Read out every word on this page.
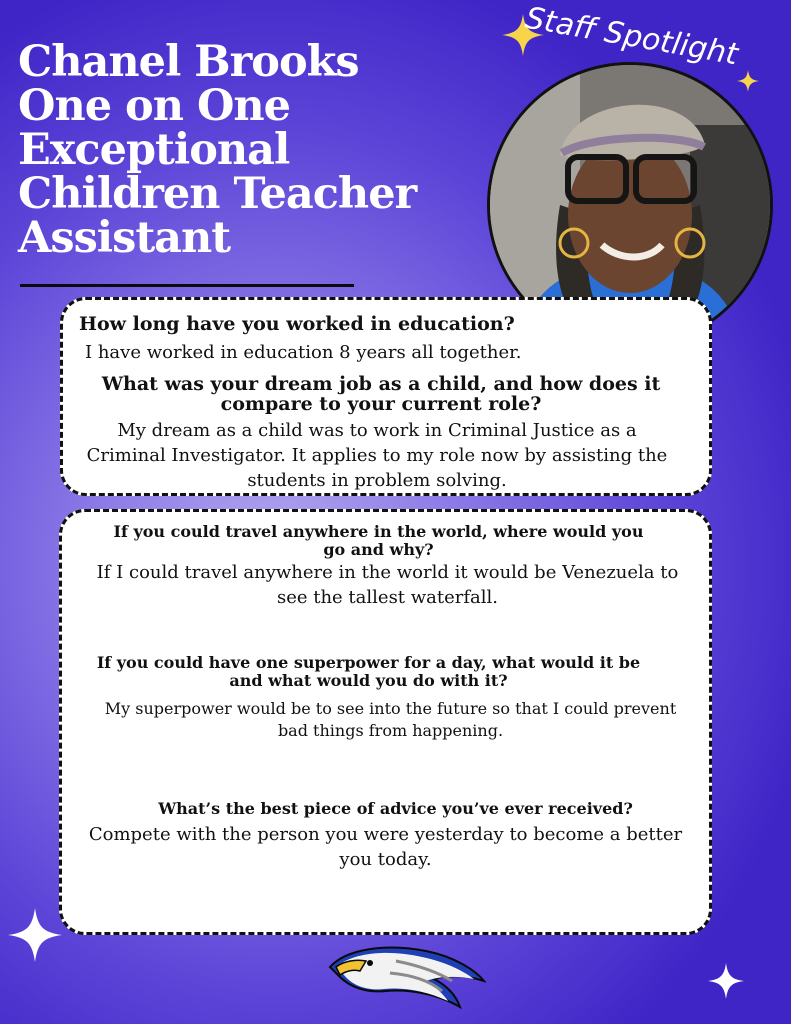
Chanel Brooks
One on One
Exceptional
Children Teacher
Assistant
Staff Spotlight
How long have you worked in education?
I have worked in education 8 years all together.
What was your dream job as a child, and how does it compare to your current role?
My dream as a child was to work in Criminal Justice as a Criminal Investigator. It applies to my role now by assisting the students in problem solving.
If you could travel anywhere in the world, where would you go and why?
If I could travel anywhere in the world it would be Venezuela to see the tallest waterfall.
If you could have one superpower for a day, what would it be and what would you do with it?
My superpower would be to see into the future so that I could prevent bad things from happening.
What’s the best piece of advice you’ve ever received?
Compete with the person you were yesterday to become a better you today.
